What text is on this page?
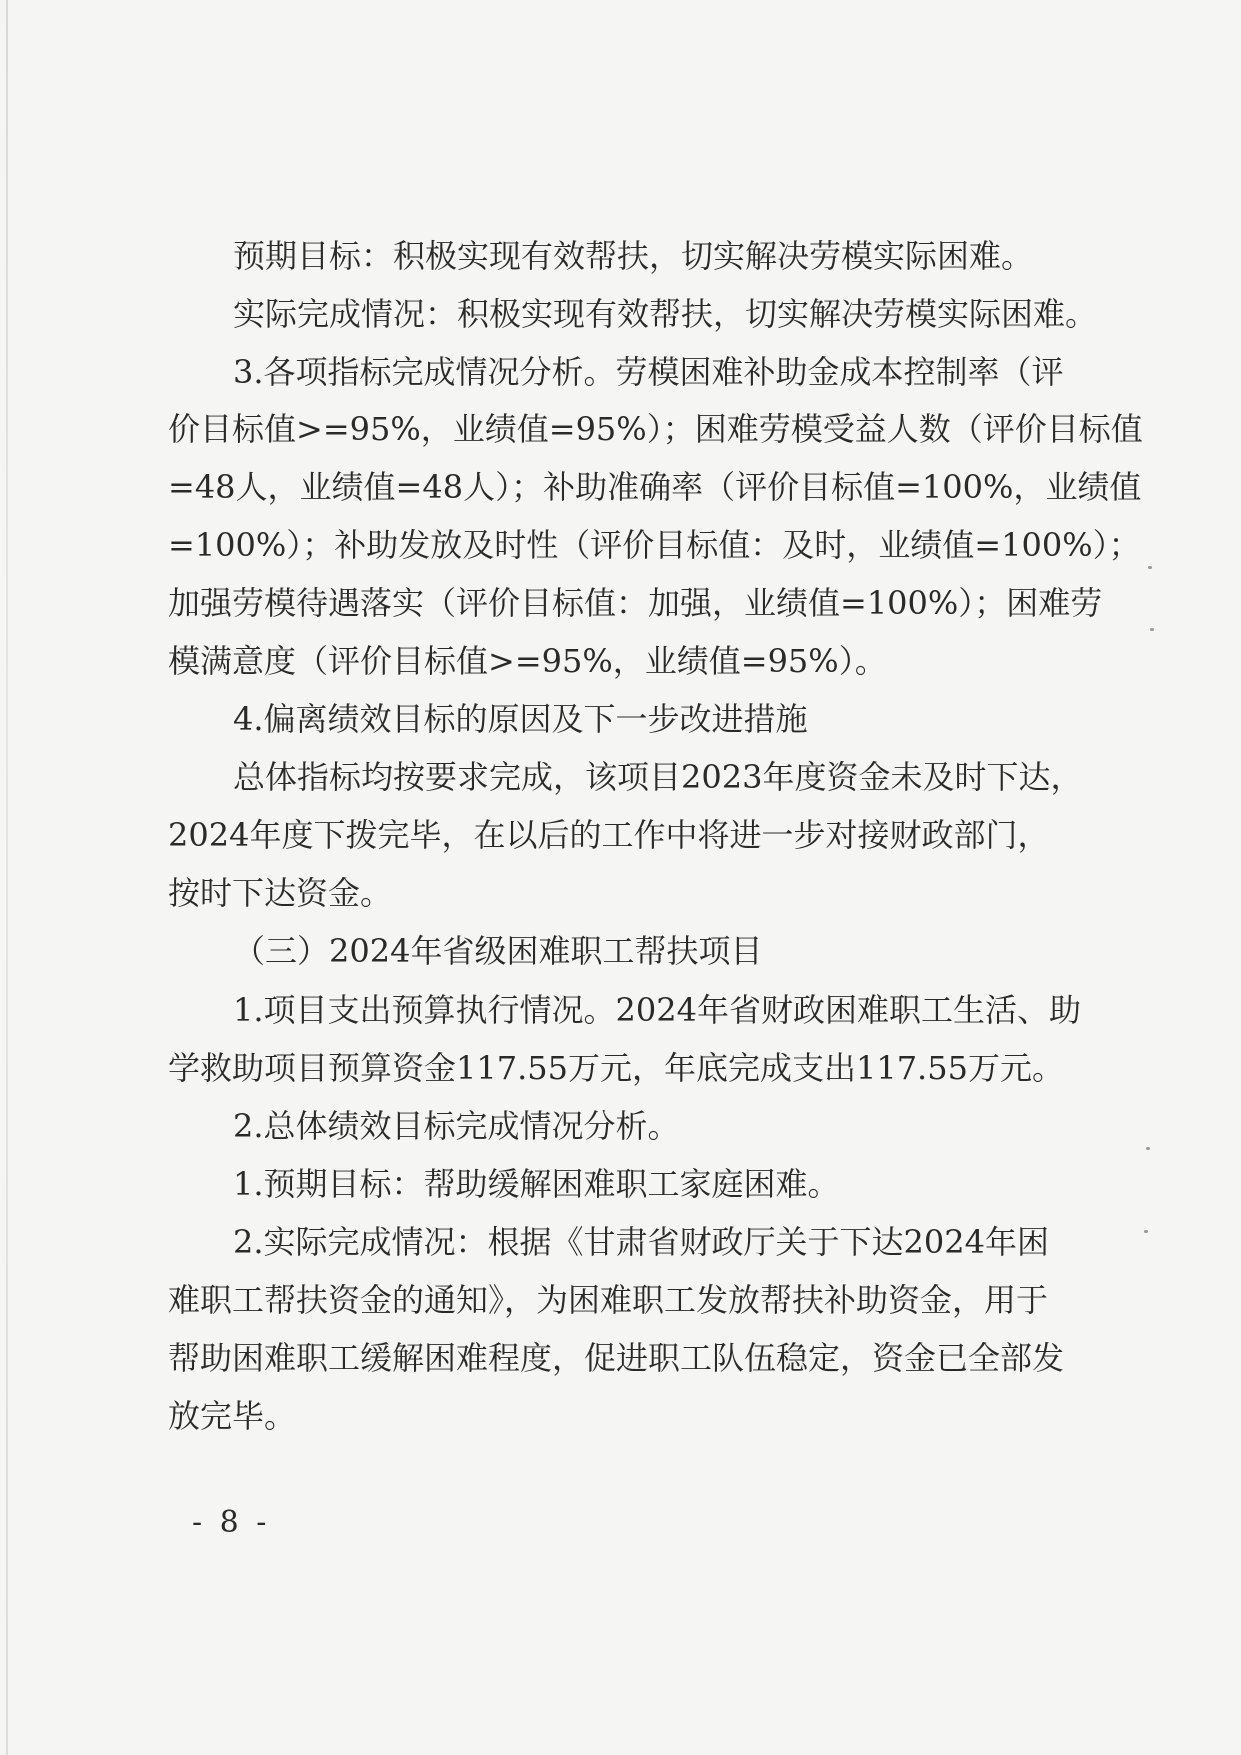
预期目标：积极实现有效帮扶，切实解决劳模实际困难。
实际完成情况：积极实现有效帮扶，切实解决劳模实际困难。
3.各项指标完成情况分析。劳模困难补助金成本控制率（评
价目标值>=95%，业绩值=95%）；困难劳模受益人数（评价目标值
=48人，业绩值=48人）；补助准确率（评价目标值=100%，业绩值
=100%）；补助发放及时性（评价目标值：及时，业绩值=100%）；
加强劳模待遇落实（评价目标值：加强，业绩值=100%）；困难劳
模满意度（评价目标值>=95%，业绩值=95%）。
4.偏离绩效目标的原因及下一步改进措施
总体指标均按要求完成，该项目2023年度资金未及时下达，
2024年度下拨完毕，在以后的工作中将进一步对接财政部门，
按时下达资金。
（三）2024年省级困难职工帮扶项目
1.项目支出预算执行情况。2024年省财政困难职工生活、助
学救助项目预算资金117.55万元，年底完成支出117.55万元。
2.总体绩效目标完成情况分析。
1.预期目标：帮助缓解困难职工家庭困难。
2.实际完成情况：根据《甘肃省财政厅关于下达2024年困
难职工帮扶资金的通知》，为困难职工发放帮扶补助资金，用于
帮助困难职工缓解困难程度，促进职工队伍稳定，资金已全部发
放完毕。
- 8 -
